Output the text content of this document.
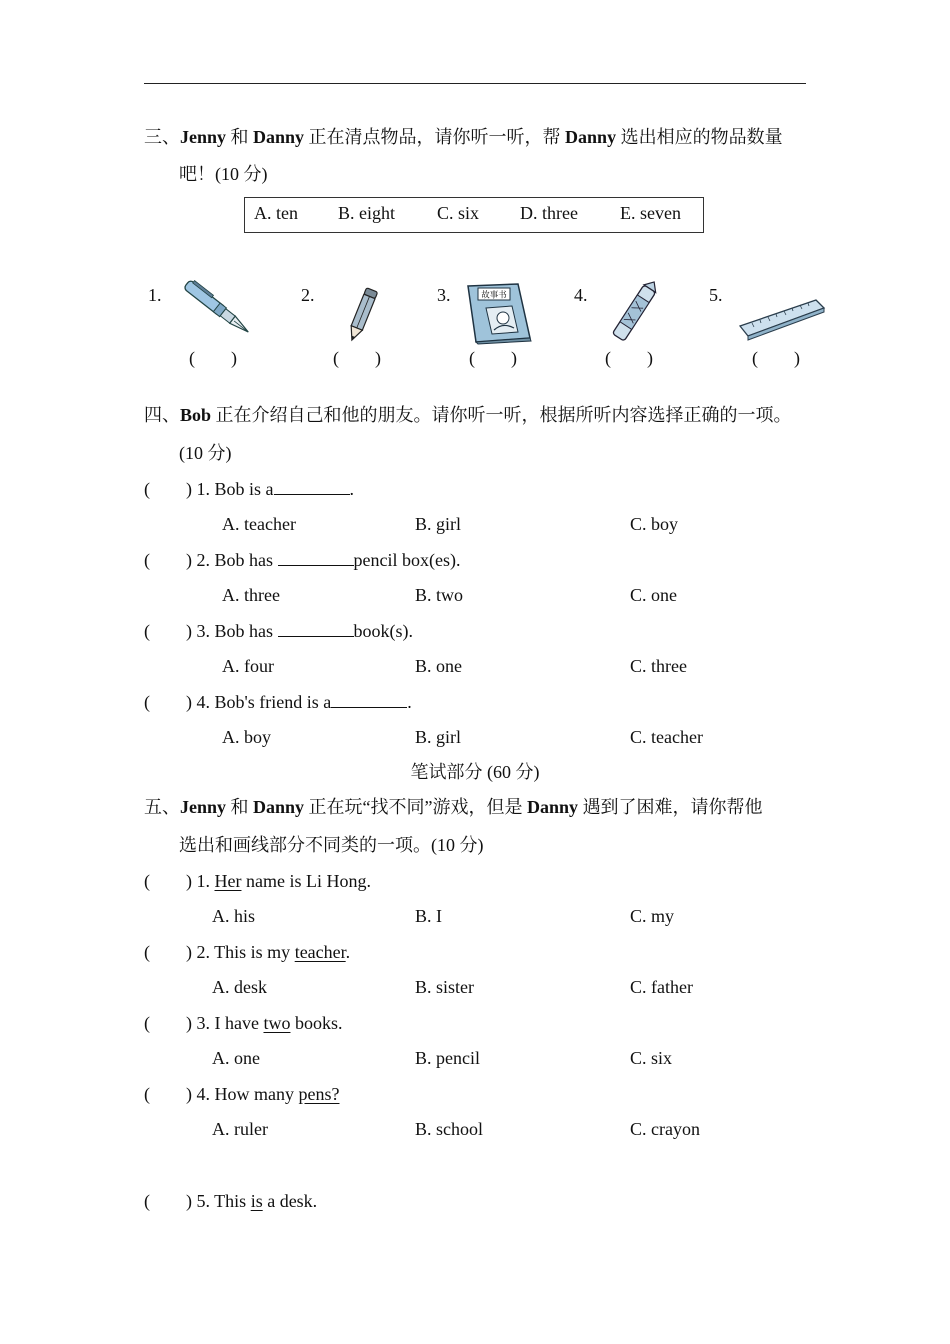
三、Jenny 和 Danny 正在清点物品，请你听一听，帮 Danny 选出相应的物品数量
吧！(10 分)
A. ten B. eight C. six D. three E. seven
1.	2.	3.	4.	5.
故事书
(        )	(        )	(        )	(        )	(        )
四、Bob 正在介绍自己和他的朋友。请你听一听，根据所听内容选择正确的一项。
(10 分)
(        ) 1. Bob is a	.
A. teacher	B. girl	C. boy
(        ) 2. Bob has	pencil box(es).
A. three	B. two	C. one
(        ) 3. Bob has	book(s).
A. four	B. one	C. three
(        ) 4. Bob's friend is a	.
A. boy	B. girl	C. teacher
笔试部分 (60 分)
五、Jenny 和 Danny 正在玩“找不同”游戏，但是 Danny 遇到了困难，请你帮他
选出和画线部分不同类的一项。(10 分)
(        ) 1. Her name is Li Hong.
A. his	B. I	C. my
(        ) 2. This is my teacher.
A. desk	B. sister	C. father
(        ) 3. I have two books.
A. one	B. pencil	C. six
(        ) 4. How many pens?
A. ruler	B. school	C. crayon
(        ) 5. This is a desk.
